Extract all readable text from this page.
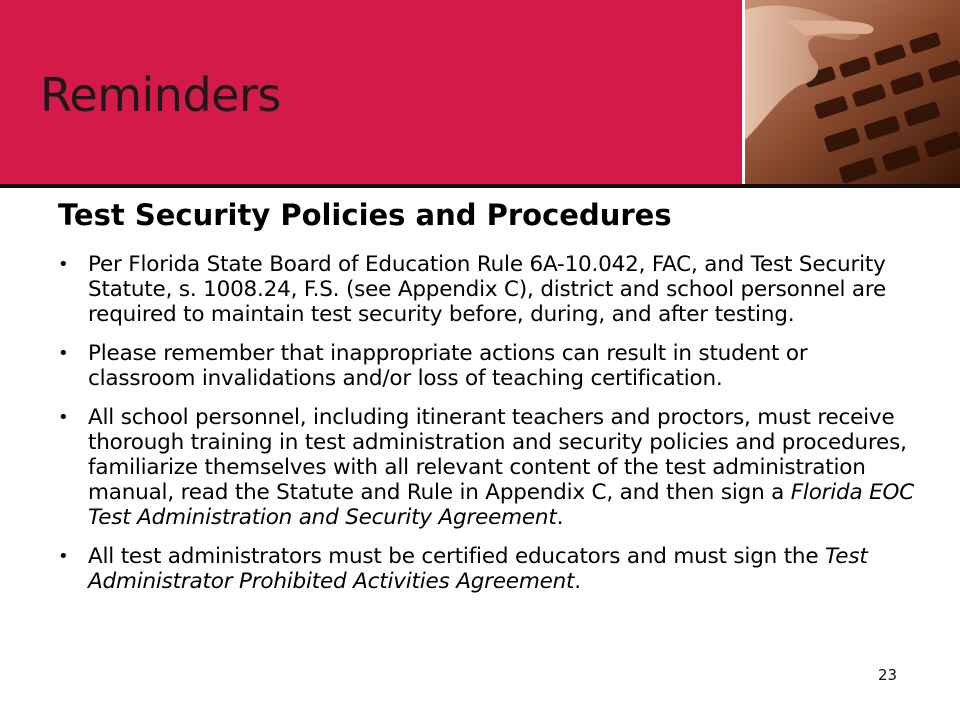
Reminders
Test Security Policies and Procedures
• Per Florida State Board of Education Rule 6A-10.042, FAC, and Test Security Statute, s. 1008.24, F.S. (see Appendix C), district and school personnel are required to maintain test security before, during, and after testing.
• Please remember that inappropriate actions can result in student or classroom invalidations and/or loss of teaching certification.
• All school personnel, including itinerant teachers and proctors, must receive thorough training in test administration and security policies and procedures, familiarize themselves with all relevant content of the test administration manual, read the Statute and Rule in Appendix C, and then sign a Florida EOC Test Administration and Security Agreement.
• All test administrators must be certified educators and must sign the Test Administrator Prohibited Activities Agreement.
23
